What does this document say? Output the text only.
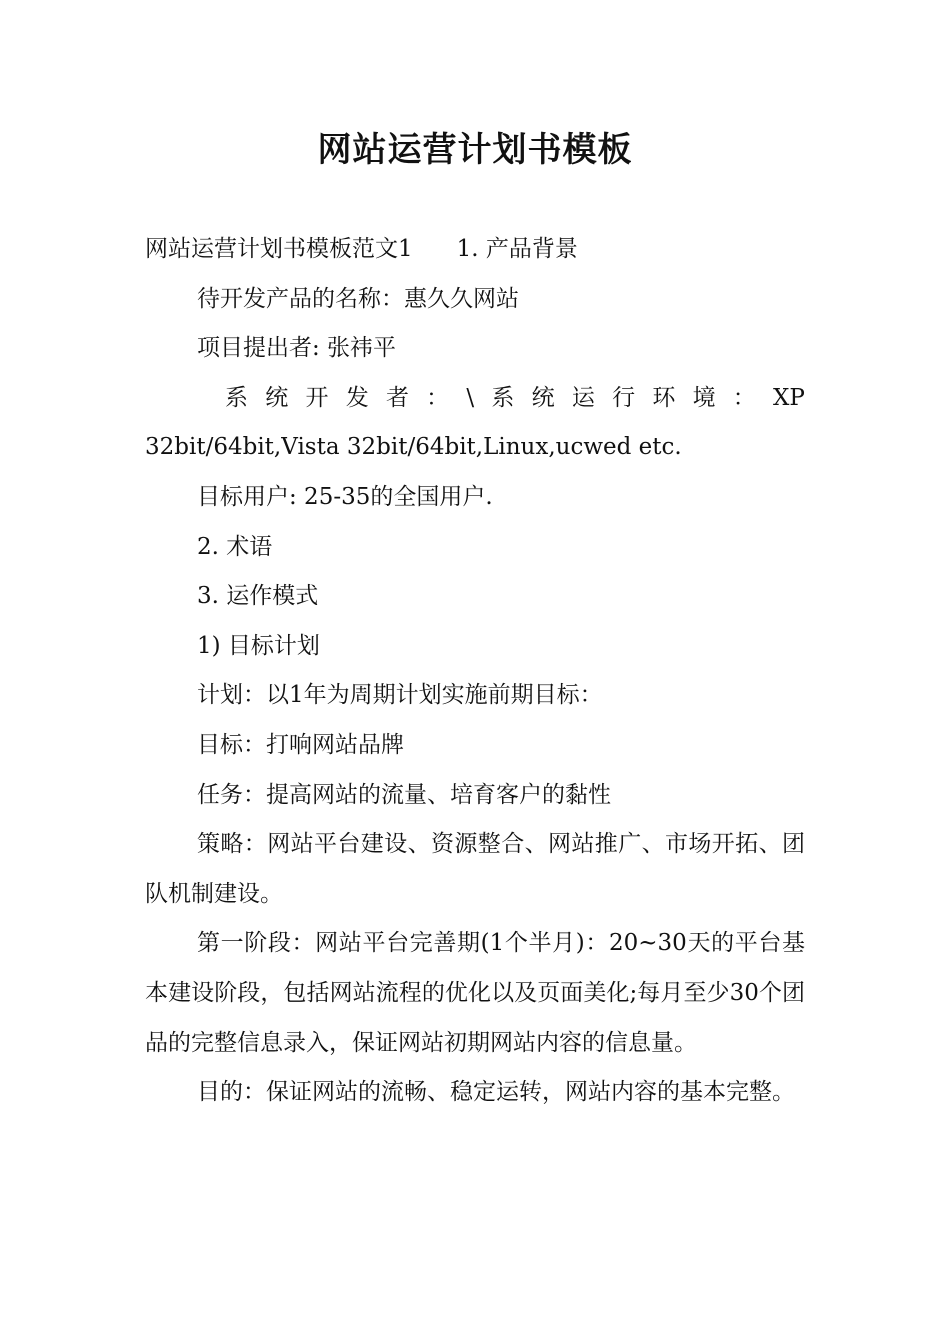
网站运营计划书模板

网站运营计划书模板范文1 1. 产品背景

待开发产品的名称：惠久久网站

项目提出者: 张祎平

系 统 开 发 者 ： \ 系 统 运 行 环 境 ： XP

32bit/64bit,Vista 32bit/64bit,Linux,ucwed etc.

目标用户: 25-35的全国用户.

2. 术语

3. 运作模式

1) 目标计划

计划：以1年为周期计划实施前期目标：

目标：打响网站品牌

任务：提高网站的流量、培育客户的黏性

策略：网站平台建设、资源整合、网站推广、市场开拓、团队机制建设。

第一阶段：网站平台完善期(1个半月)：20~30天的平台基本建设阶段，包括网站流程的优化以及页面美化;每月至少30个团品的完整信息录入，保证网站初期网站内容的信息量。

目的：保证网站的流畅、稳定运转，网站内容的基本完整。
